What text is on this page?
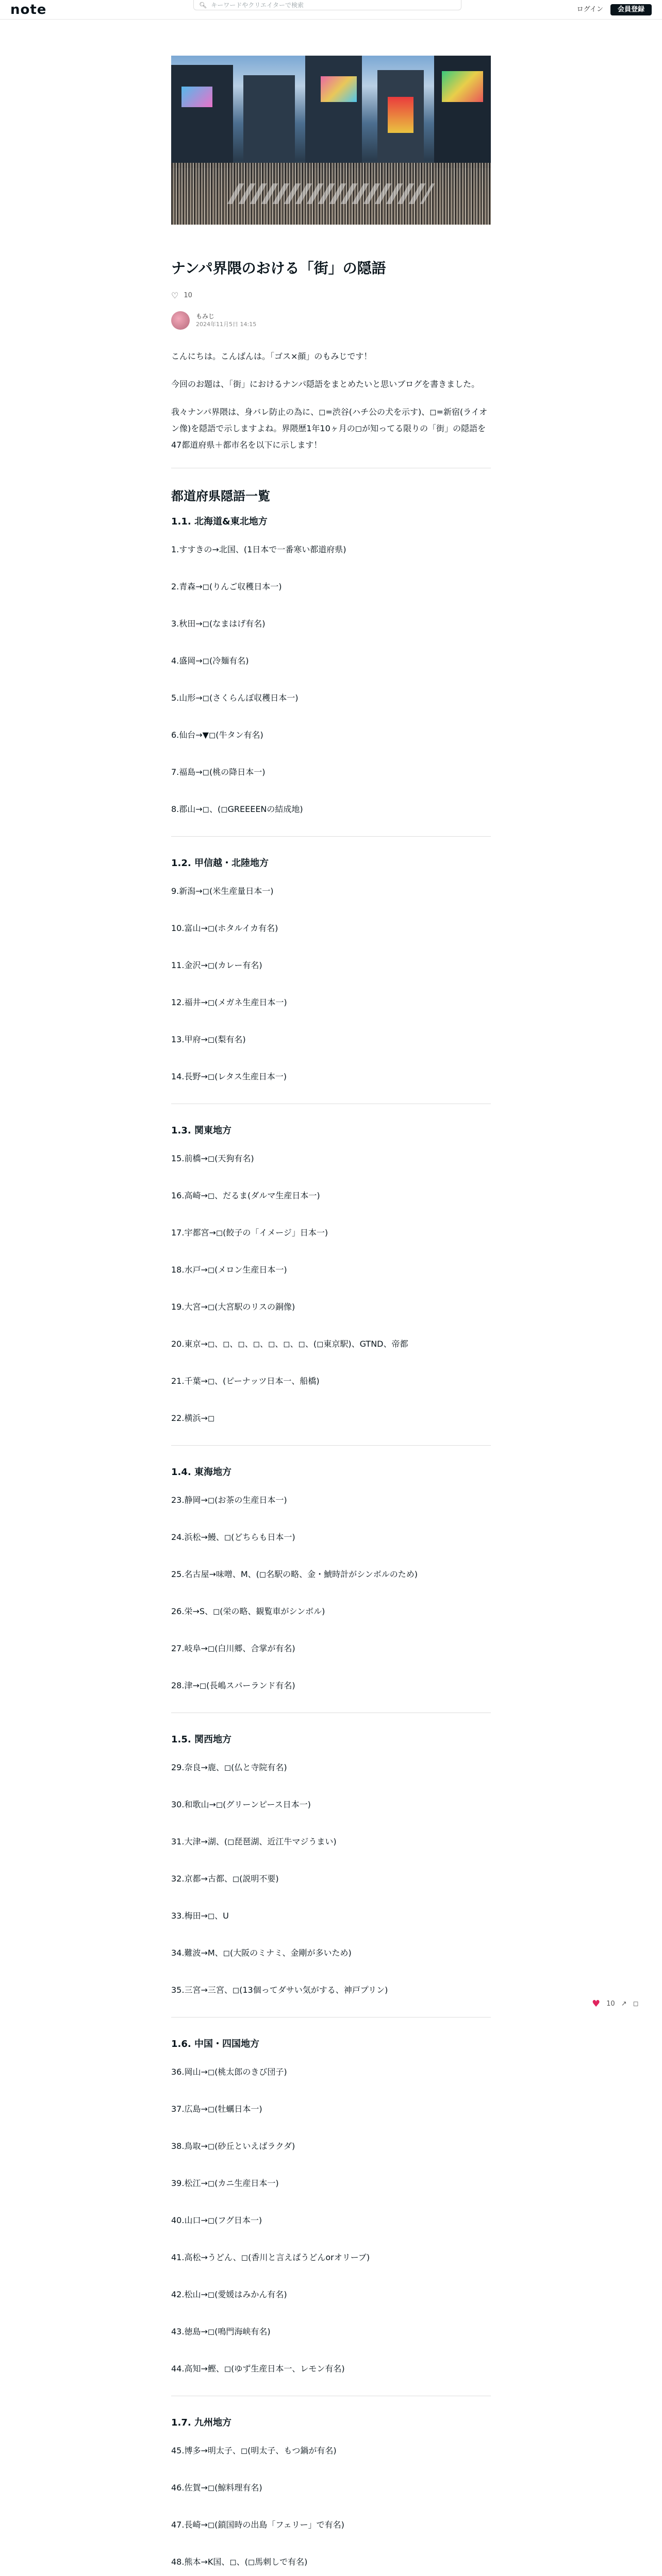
note	🔍︎ キーワードやクリエイターで検索
ログイン	会員登録
ナンパ界隈のおける「街」の隠語
♡ 10
もみじ
2024年11月5日 14:15

こんにちは。こんばんは。「ゴス×顔」のもみじです！

今回のお題は、「街」におけるナンパ隠語をまとめたいと思いブログを書きました。

我々ナンパ界隈は、身バレ防止の為に、◻=渋谷(ハチ公の犬を示す)、◻=新宿(ライオン像)を隠語で示しますよね。界隈歴1年10ヶ月の◻が知ってる限りの「街」の隠語を47都道府県＋都市名を以下に示します！

都道府県隠語一覧
1.1. 北海道&東北地方

1.すすきの→北国、(1日本で一番寒い都道府県)

2.青森→◻(りんご収穫日本一)

3.秋田→◻(なまはげ有名)

4.盛岡→◻(冷麺有名)

5.山形→◻(さくらんぼ収穫日本一)

6.仙台→▼◻(牛タン有名)

7.福島→◻(桃の降日本一)

8.郡山→◻、(◻GREEEENの結成地)

1.2. 甲信越・北陸地方

9.新潟→◻(米生産量日本一)

10.富山→◻(ホタルイカ有名)

11.金沢→◻(カレー有名)

12.福井→◻(メガネ生産日本一)

13.甲府→◻(梨有名)

14.長野→◻(レタス生産日本一)

1.3. 関東地方

15.前橋→◻(天狗有名)

16.高崎→◻、だるま(ダルマ生産日本一)

17.宇都宮→◻(餃子の「イメージ」日本一)

18.水戸→◻(メロン生産日本一)

19.大宮→◻(大宮駅のリスの銅像)

20.東京→◻、◻、◻、◻、◻、◻、◻、(◻東京駅)、GTND、帝都

21.千葉→◻、(ピーナッツ日本一、船橋)

22.横浜→◻

1.4. 東海地方

23.静岡→◻(お茶の生産日本一)

24.浜松→鰻、◻(どちらも日本一)

25.名古屋→味噌、M、(◻名駅の略、金・鯱時計がシンボルのため)

26.栄→S、◻(栄の略、観覧車がシンボル)

27.岐阜→◻(白川郷、合掌が有名)

28.津→◻(長嶋スパーランド有名)

1.5. 関西地方

29.奈良→鹿、◻(仏と寺院有名)

30.和歌山→◻(グリーンピース日本一)

31.大津→湖、(◻琵琶湖、近江牛マジうまい)

32.京都→古都、◻(説明不要)

33.梅田→◻、U

34.難波→M、◻(大阪のミナミ、金剛が多いため)

35.三宮→三宮、◻(13個ってダサい気がする、神戸プリン)

1.6. 中国・四国地方

36.岡山→◻(桃太郎のきび団子)

37.広島→◻(牡蠣日本一)

38.鳥取→◻(砂丘といえばラクダ)

39.松江→◻(カニ生産日本一)

40.山口→◻(フグ日本一)

41.高松→うどん、◻(香川と言えばうどんorオリーブ)

42.松山→◻(愛媛はみかん有名)

43.徳島→◻(鳴門海峡有名)

44.高知→鰹、◻(ゆず生産日本一、レモン有名)

1.7. 九州地方

45.博多→明太子、◻(明太子、もつ鍋が有名)

46.佐賀→◻(鯨料理有名)

47.長崎→◻(鎖国時の出島「フェリー」で有名)

48.熊本→K国、◻、(◻馬刺しで有名)

♥ 10 ↗ ◻
